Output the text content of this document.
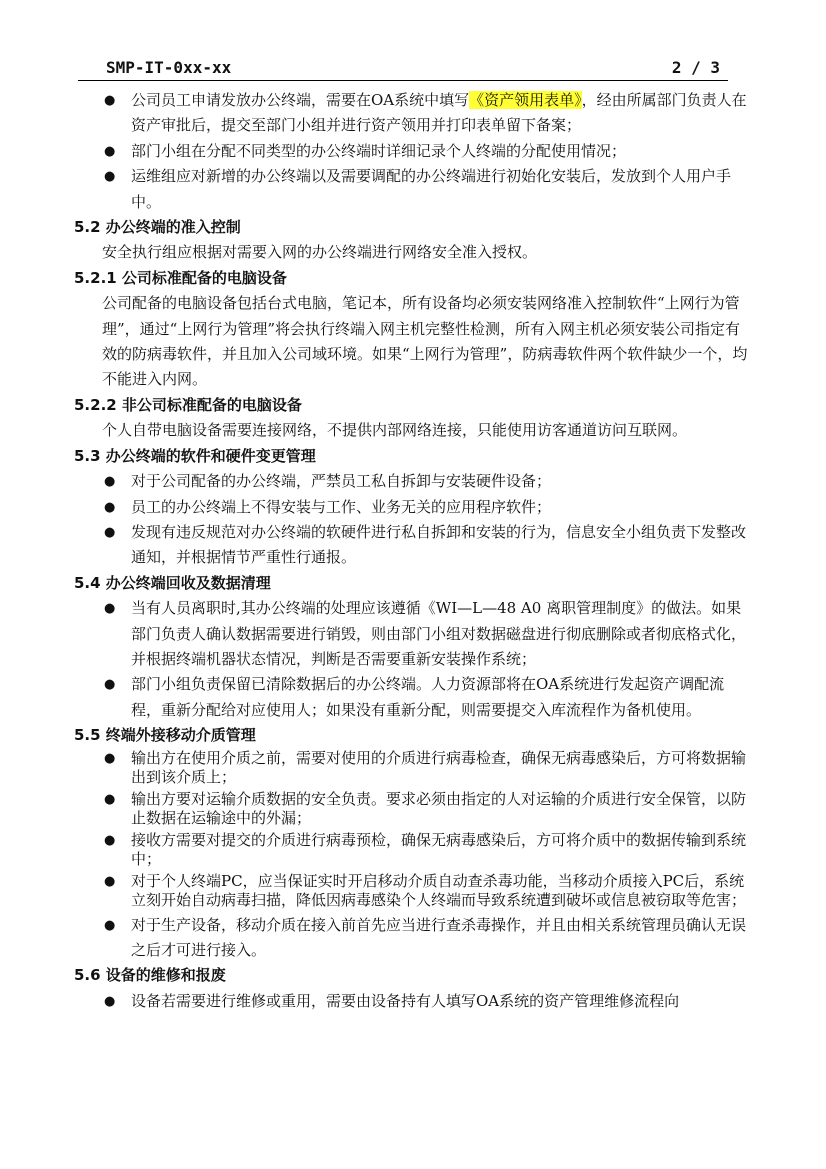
SMP-IT-0xx-xx	2 / 3

● 公司员工申请发放办公终端，需要在OA系统中填写《资产领用表单》，经由所属部门负责人在资产审批后，提交至部门小组并进行资产领用并打印表单留下备案；

● 部门小组在分配不同类型的办公终端时详细记录个人终端的分配使用情况；

● 运维组应对新增的办公终端以及需要调配的办公终端进行初始化安装后，发放到个人用户手中。

5.2 办公终端的准入控制

安全执行组应根据对需要入网的办公终端进行网络安全准入授权。

5.2.1 公司标准配备的电脑设备

公司配备的电脑设备包括台式电脑，笔记本，所有设备均必须安装网络准入控制软件“上网行为管理”，通过“上网行为管理”将会执行终端入网主机完整性检测，所有入网主机必须安装公司指定有效的防病毒软件，并且加入公司域环境。如果“上网行为管理”，防病毒软件两个软件缺少一个，均不能进入内网。

5.2.2 非公司标准配备的电脑设备

个人自带电脑设备需要连接网络，不提供内部网络连接，只能使用访客通道访问互联网。

5.3 办公终端的软件和硬件变更管理

● 对于公司配备的办公终端，严禁员工私自拆卸与安装硬件设备；

● 员工的办公终端上不得安装与工作、业务无关的应用程序软件；

● 发现有违反规范对办公终端的软硬件进行私自拆卸和安装的行为，信息安全小组负责下发整改通知，并根据情节严重性行通报。

5.4 办公终端回收及数据清理

● 当有人员离职时,其办公终端的处理应该遵循《WI—L—48 A0 离职管理制度》的做法。如果部门负责人确认数据需要进行销毁，则由部门小组对数据磁盘进行彻底删除或者彻底格式化，并根据终端机器状态情况，判断是否需要重新安装操作系统；

● 部门小组负责保留已清除数据后的办公终端。人力资源部将在OA系统进行发起资产调配流程，重新分配给对应使用人；如果没有重新分配，则需要提交入库流程作为备机使用。

5.5 终端外接移动介质管理

● 输出方在使用介质之前，需要对使用的介质进行病毒检查，确保无病毒感染后，方可将数据输出到该介质上；

● 输出方要对运输介质数据的安全负责。要求必须由指定的人对运输的介质进行安全保管，以防止数据在运输途中的外漏；

● 接收方需要对提交的介质进行病毒预检，确保无病毒感染后，方可将介质中的数据传输到系统中；

● 对于个人终端PC，应当保证实时开启移动介质自动查杀毒功能，当移动介质接入PC后，系统立刻开始自动病毒扫描，降低因病毒感染个人终端而导致系统遭到破坏或信息被窃取等危害；

● 对于生产设备，移动介质在接入前首先应当进行查杀毒操作，并且由相关系统管理员确认无误之后才可进行接入。

5.6 设备的维修和报废

● 设备若需要进行维修或重用，需要由设备持有人填写OA系统的资产管理维修流程向
